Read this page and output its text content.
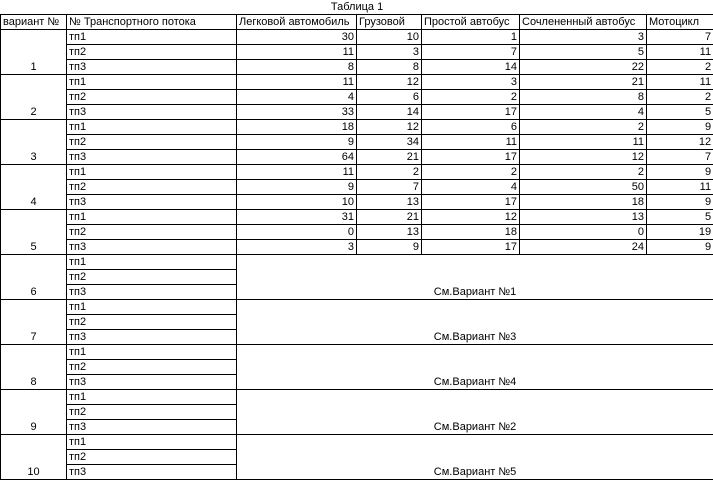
Таблица 1						
вариант №	№ Транспортного потока	Легковой автомобиль	Грузовой	Простой автобус	Сочлененный автобус	Мотоцикл
1	тп1	30	10	1	3	7
	тп2	11	3	7	5	11
	тп3	8	8	14	22	2
2	тп1	11	12	3	21	11
	тп2	4	6	2	8	2
	тп3	33	14	17	4	5
3	тп1	18	12	6	2	9
	тп2	9	34	11	11	12
	тп3	64	21	17	12	7
4	тп1	11	2	2	2	9
	тп2	9	7	4	50	11
	тп3	10	13	17	18	9
5	тп1	31	21	12	13	5
	тп2	0	13	18	0	19
	тп3	3	9	17	24	9
6	тп1	См.Вариант №1				
	тп2					
	тп3					
7	тп1	См.Вариант №3				
	тп2					
	тп3					
8	тп1	См.Вариант №4				
	тп2					
	тп3					
9	тп1	См.Вариант №2				
	тп2					
	тп3					
10	тп1	См.Вариант №5				
	тп2					
	тп3					
